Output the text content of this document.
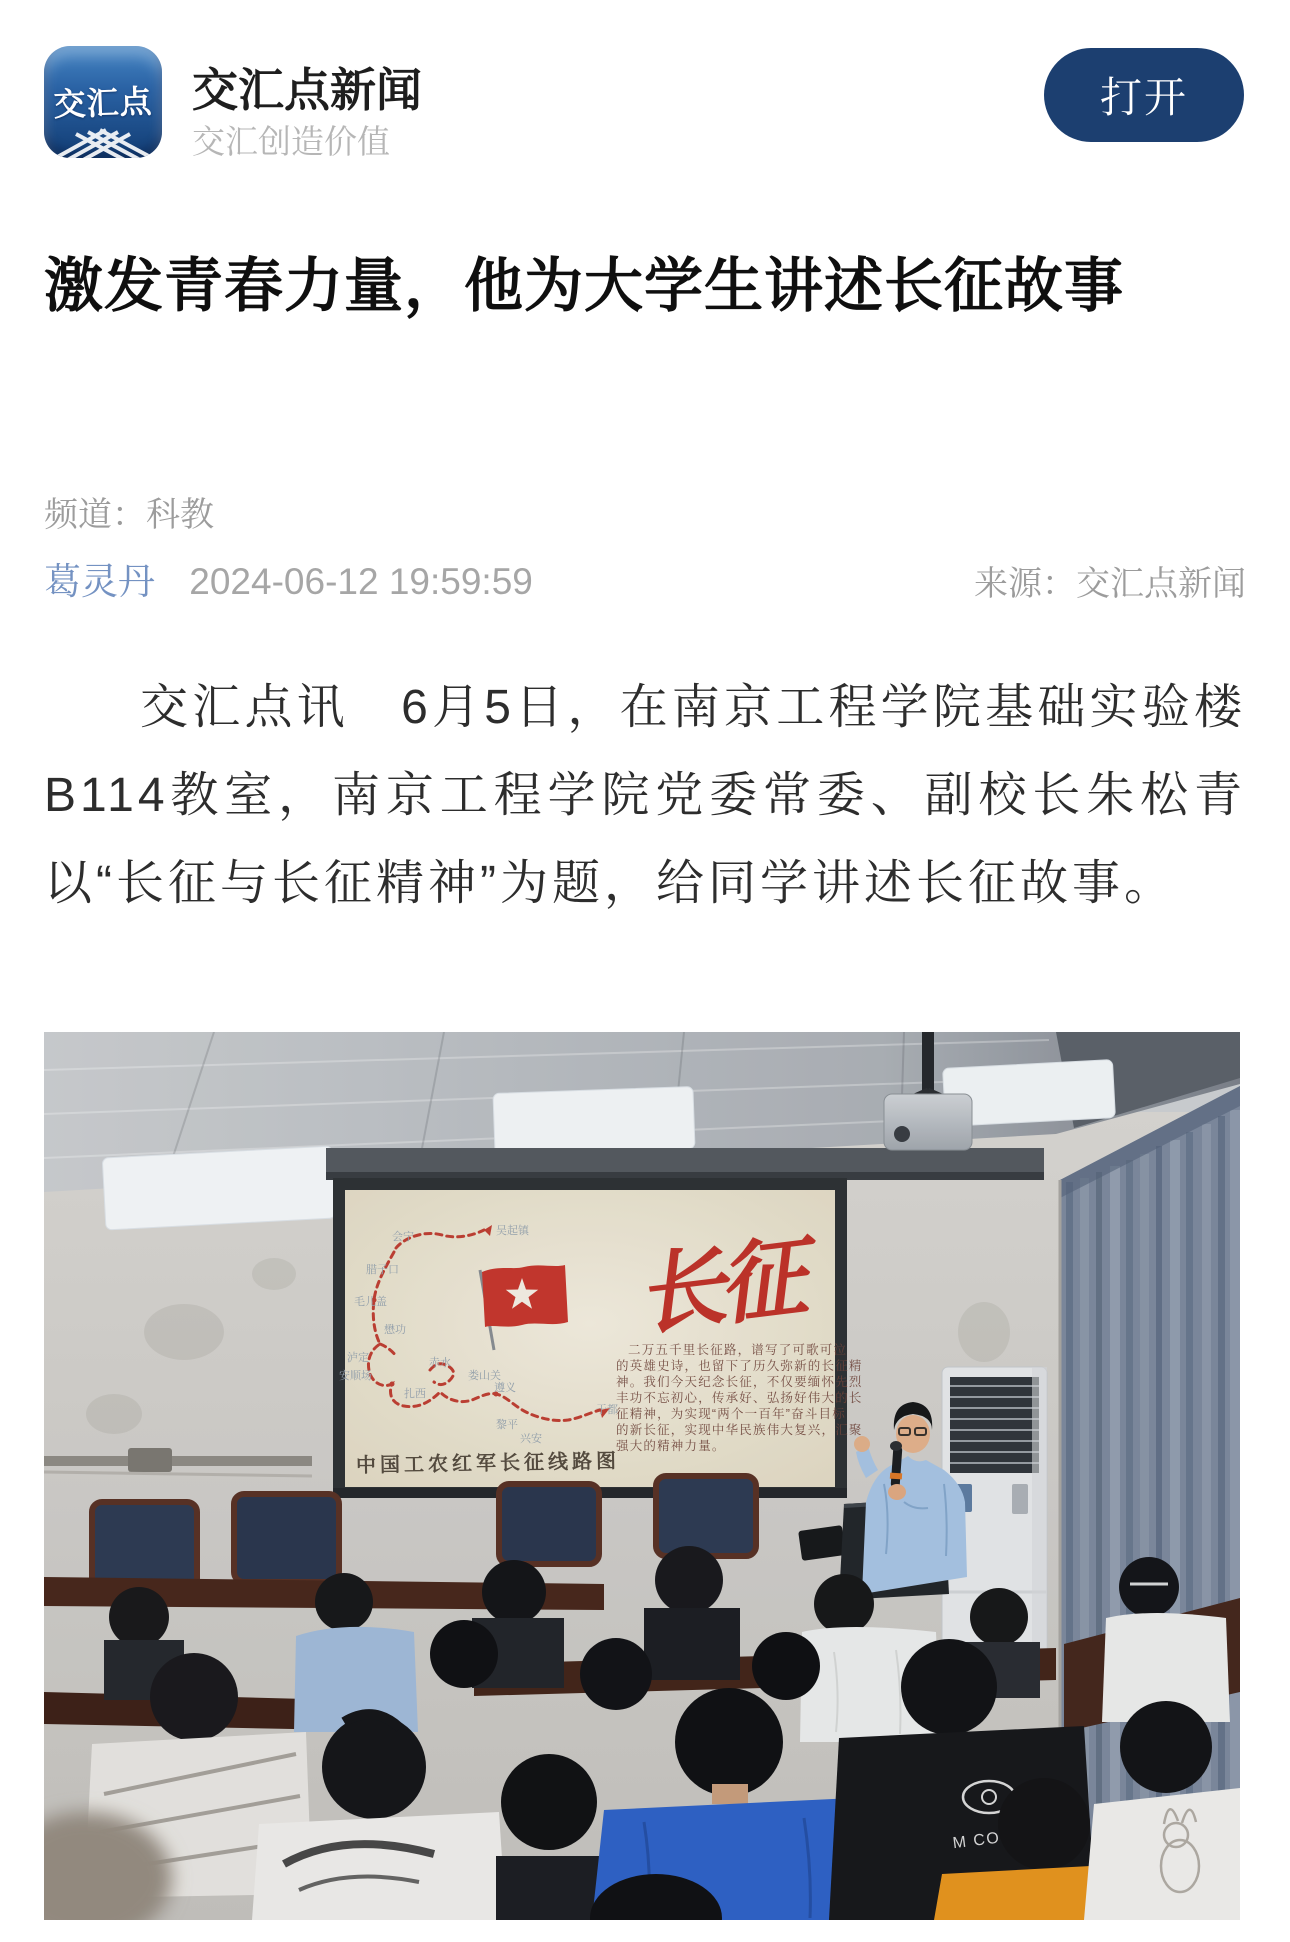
交汇点 交汇点新闻
交汇创造价值
打开
激发青春力量，他为大学生讲述长征故事
频道：科教
葛灵丹 2024-06-12 19:59:59	来源：交汇点新闻

交汇点讯　6月5日，在南京工程学院基础实验楼B114教室，南京工程学院党委常委、副校长朱松青以“长征与长征精神”为题，给同学讲述长征故事。
